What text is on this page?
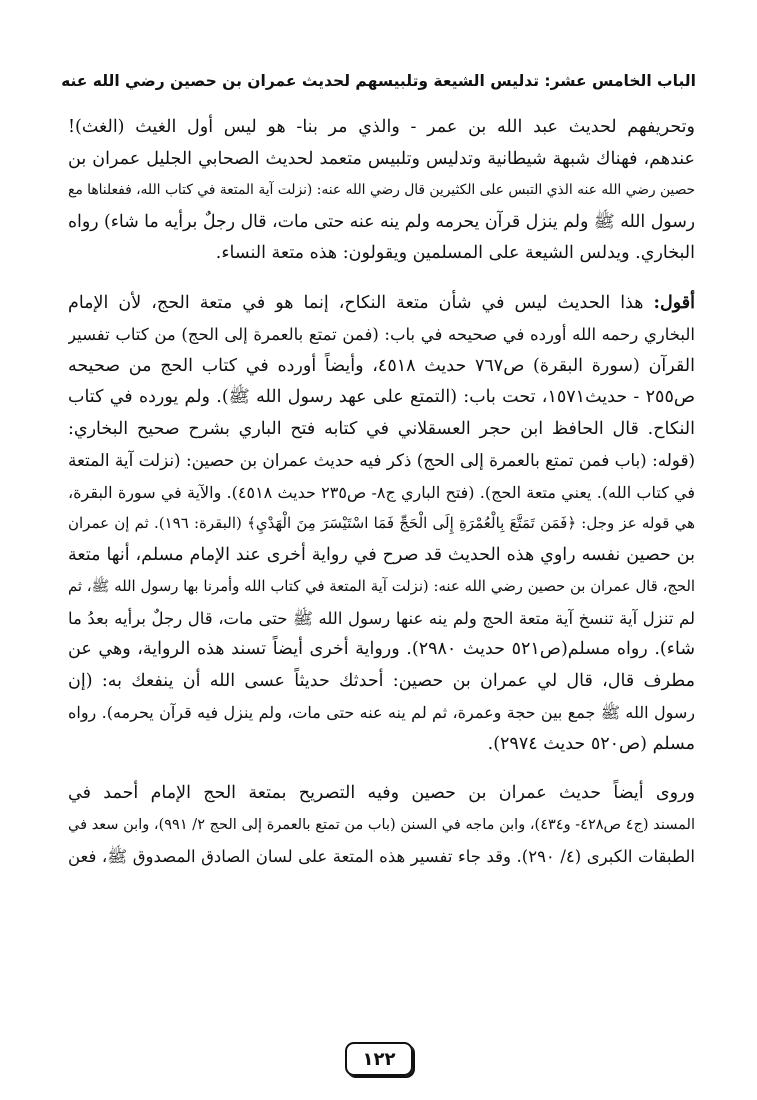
الباب الخامس عشر: تدليس الشيعة وتلبيسهم لحديث عمران بن حصين رضي الله عنه

وتحريفهم لحديث عبد الله بن عمر - والذي مر بنا- هو ليس أول الغيث (الغث)!
عندهم، فهناك شبهة شيطانية وتدليس وتلبيس متعمد لحديث الصحابي الجليل عمران بن
حصين رضي الله عنه الذي التبس على الكثيرين قال رضي الله عنه: (نزلت آية المتعة في كتاب الله، ففعلناها مع
رسول الله ﷺ ولم ينزل قرآن يحرمه ولم ينه عنه حتى مات، قال رجلٌ برأيه ما شاء) رواه
البخاري. ويدلس الشيعة على المسلمين ويقولون: هذه متعة النساء.

أقول: هذا الحديث ليس في شأن متعة النكاح، إنما هو في متعة الحج، لأن الإمام
البخاري رحمه الله أورده في صحيحه في باب: (فمن تمتع بالعمرة إلى الحج) من كتاب تفسير
القرآن (سورة البقرة) ص٧٦٧ حديث ٤٥١٨، وأيضاً أورده في كتاب الحج من صحيحه
ص٢٥٥ - حديث١٥٧١، تحت باب: (التمتع على عهد رسول الله ﷺ). ولم يورده في كتاب
النكاح. قال الحافظ ابن حجر العسقلاني في كتابه فتح الباري بشرح صحيح البخاري:
(قوله: (باب فمن تمتع بالعمرة إلى الحج) ذكر فيه حديث عمران بن حصين: (نزلت آية المتعة
في كتاب الله). يعني متعة الحج). (فتح الباري ج٨- ص٢٣٥ حديث ٤٥١٨). والآية في سورة البقرة،
هي قوله عز وجل: ﴿فَمَن تَمَتَّعَ بِالْعُمْرَةِ إِلَى الْحَجِّ فَمَا اسْتَيْسَرَ مِنَ الْهَدْيِ﴾ (البقرة: ١٩٦). ثم إن عمران
بن حصين نفسه راوي هذه الحديث قد صرح في رواية أخرى عند الإمام مسلم، أنها متعة
الحج، قال عمران بن حصين رضي الله عنه: (نزلت آية المتعة في كتاب الله وأمرنا بها رسول الله ﷺ، ثم
لم تنزل آية تنسخ آية متعة الحج ولم ينه عنها رسول الله ﷺ حتى مات، قال رجلٌ برأيه بعدُ ما
شاء). رواه مسلم(ص٥٢١ حديث ٢٩٨٠). ورواية أخرى أيضاً تسند هذه الرواية، وهي عن
مطرف قال، قال لي عمران بن حصين: أحدثك حديثاً عسى الله أن ينفعك به: (إن
رسول الله ﷺ جمع بين حجة وعمرة، ثم لم ينه عنه حتى مات، ولم ينزل فيه قرآن يحرمه). رواه
مسلم (ص٥٢٠ حديث ٢٩٧٤).

وروى أيضاً حديث عمران بن حصين وفيه التصريح بمتعة الحج الإمام أحمد في
المسند (ج٤ ص٤٢٨- و٤٣٤)، وابن ماجه في السنن (باب من تمتع بالعمرة إلى الحج ٢/ ٩٩١)، وابن سعد في
الطبقات الكبرى (٤/ ٢٩٠). وقد جاء تفسير هذه المتعة على لسان الصادق المصدوق ﷺ، فعن

١٢٢
